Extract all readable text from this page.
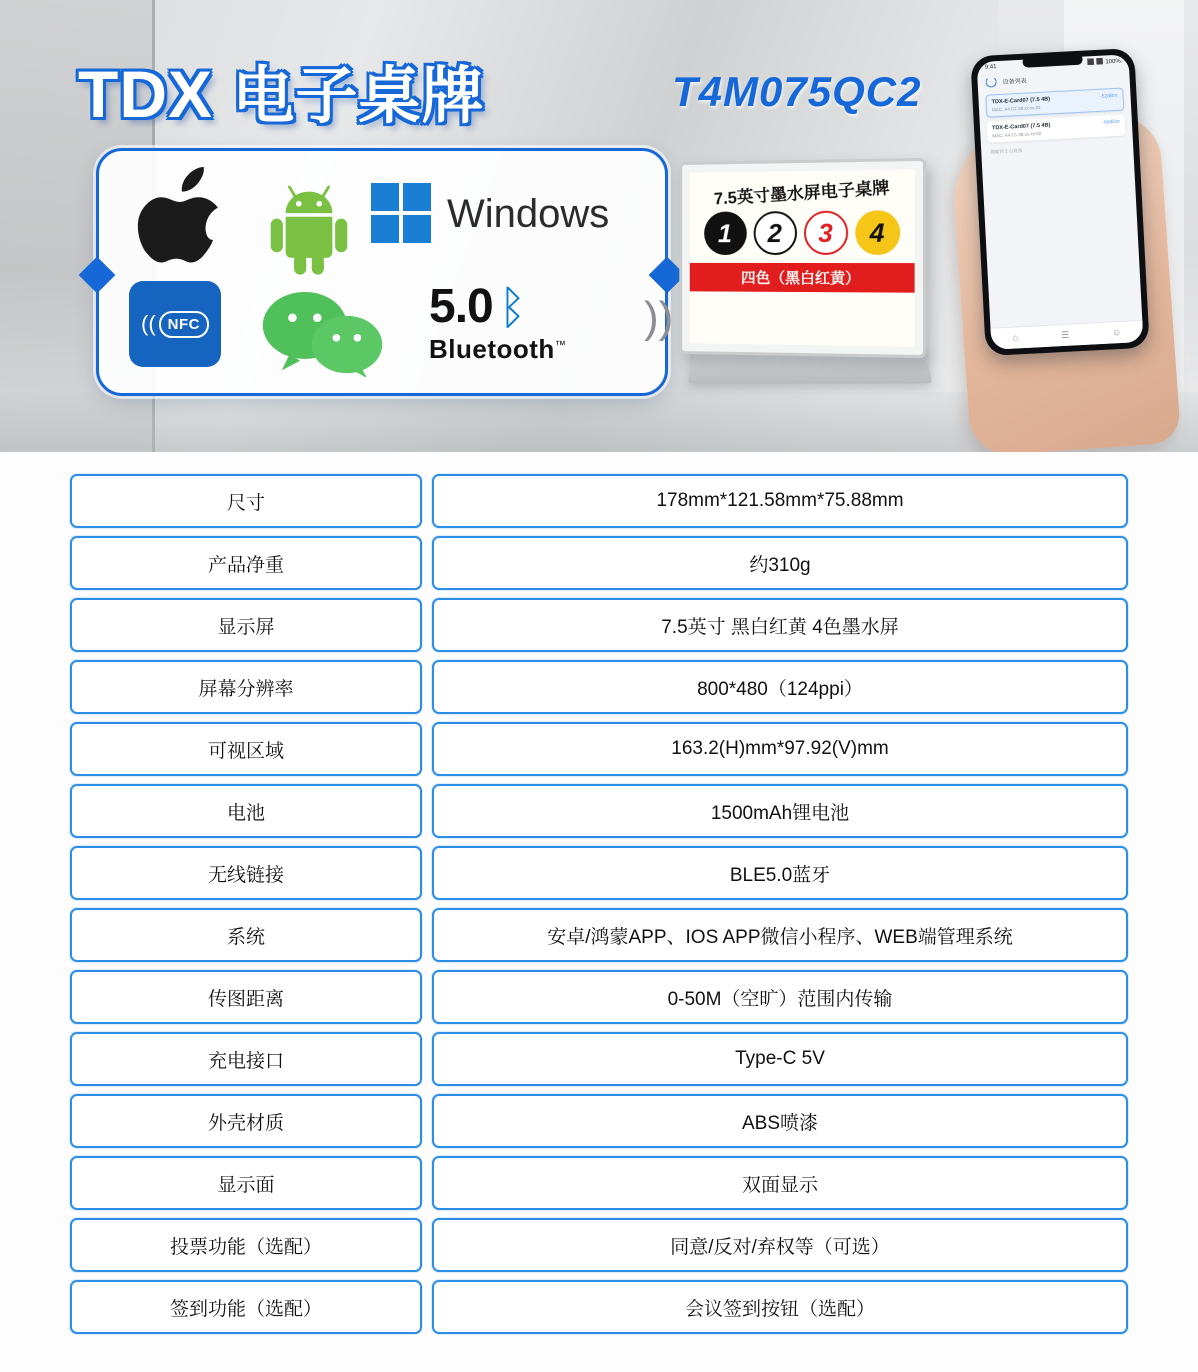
TDX 电子桌牌	T4M075QC2
Windows
(( NFC	5.0 ᛒ
Bluetooth™
))
7.5英寸墨水屏电子桌牌
1	2	3	4
四色（黑白红黄）
9:41
⬛ ⬛ 100%
设备列表
TDX-E-Card07 (7.5 4B)
MAC: A4:C1:38:xx:xx:01
-52dBm
TDX-E-Card07 (7.5 4B)
MAC: A4:C1:38:xx:xx:02
-60dBm
搜索到 2 台设备
⌂	☰	☺
尺寸	178mm*121.58mm*75.88mm
产品净重	约310g
显示屏	7.5英寸 黑白红黄 4色墨水屏
屏幕分辨率	800*480（124ppi）
可视区域	163.2(H)mm*97.92(V)mm
电池	1500mAh锂电池
无线链接	BLE5.0蓝牙
系统	安卓/鸿蒙APP、IOS APP微信小程序、WEB端管理系统
传图距离	0-50M（空旷）范围内传输
充电接口	Type-C 5V
外壳材质	ABS喷漆
显示面	双面显示
投票功能（选配）	同意/反对/弃权等（可选）
签到功能（选配）	会议签到按钮（选配）
